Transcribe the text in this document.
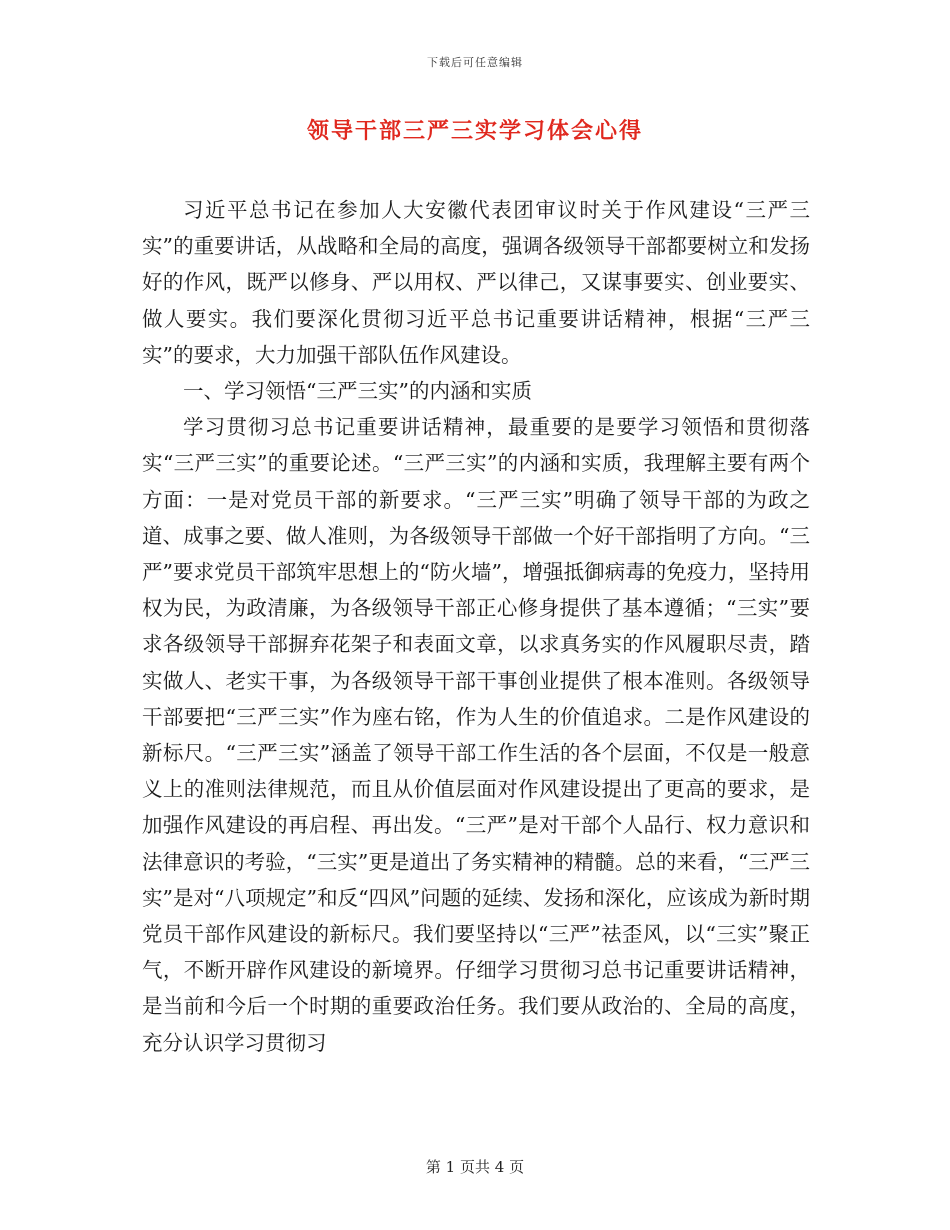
下载后可任意编辑
领导干部三严三实学习体会心得

习近平总书记在参加人大安徽代表团审议时关于作风建设“三严三实”的重要讲话，从战略和全局的高度，强调各级领导干部都要树立和发扬好的作风，既严以修身、严以用权、严以律己，又谋事要实、创业要实、做人要实。我们要深化贯彻习近平总书记重要讲话精神，根据“三严三实”的要求，大力加强干部队伍作风建设。

一、学习领悟“三严三实”的内涵和实质

学习贯彻习总书记重要讲话精神，最重要的是要学习领悟和贯彻落实“三严三实”的重要论述。“三严三实”的内涵和实质，我理解主要有两个方面：一是对党员干部的新要求。“三严三实”明确了领导干部的为政之道、成事之要、做人准则，为各级领导干部做一个好干部指明了方向。“三严”要求党员干部筑牢思想上的“防火墙”，增强抵御病毒的免疫力，坚持用权为民，为政清廉，为各级领导干部正心修身提供了基本遵循；“三实”要求各级领导干部摒弃花架子和表面文章，以求真务实的作风履职尽责，踏实做人、老实干事，为各级领导干部干事创业提供了根本准则。各级领导干部要把“三严三实”作为座右铭，作为人生的价值追求。二是作风建设的新标尺。“三严三实”涵盖了领导干部工作生活的各个层面，不仅是一般意义上的准则法律规范，而且从价值层面对作风建设提出了更高的要求，是加强作风建设的再启程、再出发。“三严”是对干部个人品行、权力意识和法律意识的考验，“三实”更是道出了务实精神的精髓。总的来看，“三严三实”是对“八项规定”和反“四风”问题的延续、发扬和深化，应该成为新时期党员干部作风建设的新标尺。我们要坚持以“三严”祛歪风，以“三实”聚正气，不断开辟作风建设的新境界。仔细学习贯彻习总书记重要讲话精神，是当前和今后一个时期的重要政治任务。我们要从政治的、全局的高度，充分认识学习贯彻习

第 1 页共 4 页
